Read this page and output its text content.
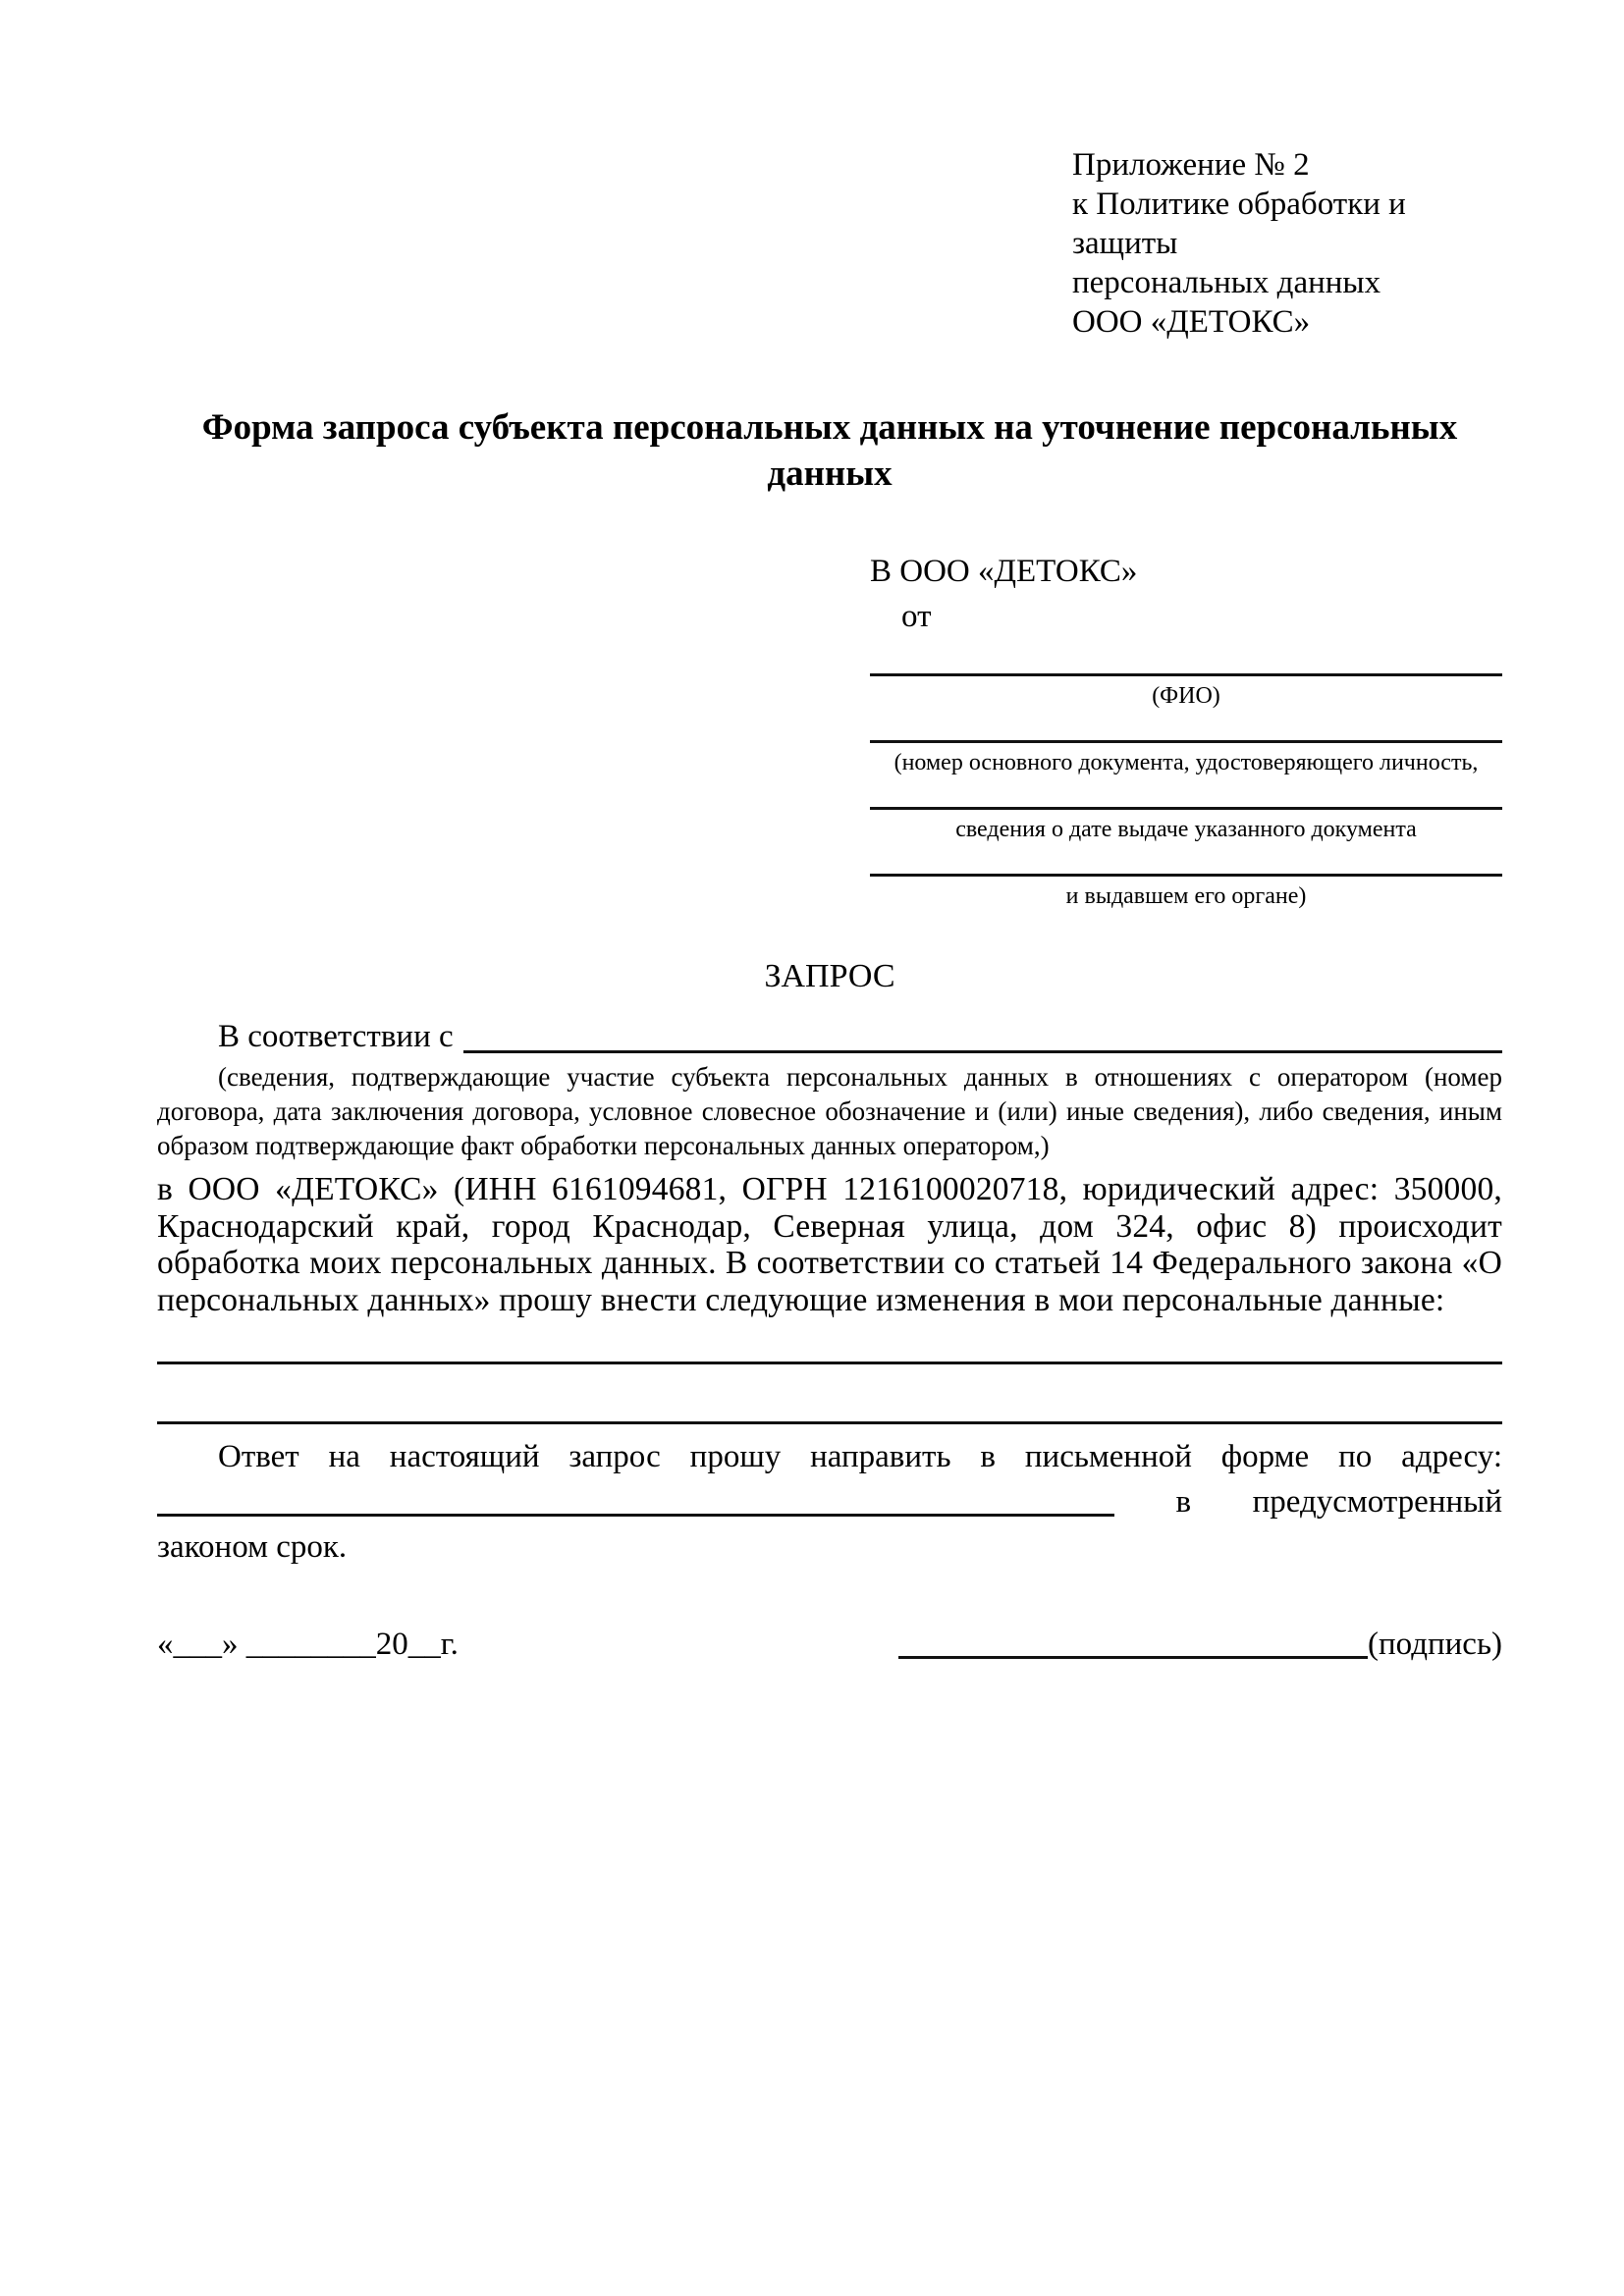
Приложение № 2
к Политике обработки и защиты
персональных данных
ООО «ДЕТОКС»
Форма запроса субъекта персональных данных на уточнение персональных данных
В ООО «ДЕТОКС»
от
(ФИО)
(номер основного документа, удостоверяющего личность,
сведения о дате выдаче указанного документа
и выдавшем его органе)
ЗАПРОС
В соответствии с
(сведения, подтверждающие участие субъекта персональных данных в отношениях с оператором (номер договора, дата заключения договора, условное словесное обозначение и (или) иные сведения), либо сведения, иным образом подтверждающие факт обработки персональных данных оператором,)

в ООО «ДЕТОКС» (ИНН 6161094681, ОГРН 1216100020718, юридический адрес: 350000, Краснодарский край, город Краснодар, Северная улица, дом 324, офис 8) происходит обработка моих персональных данных. В соответствии со статьей 14 Федерального закона «О персональных данных» прошу внести следующие изменения в мои персональные данные:

Ответ на настоящий запрос прошу направить в письменной форме по адресу:

в предусмотренный

законом срок.

«___» ________20__г.	(подпись)
